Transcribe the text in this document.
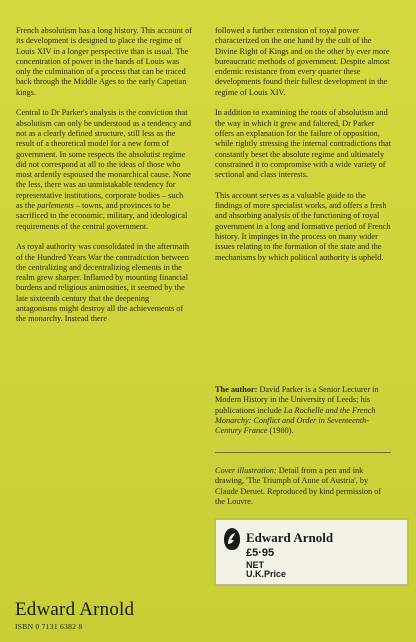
French absolutism has a long history. This account of its development is designed to place the regime of Louis XIV in a longer perspective than is usual. The concentration of power in the hands of Louis was only the culmination of a process that can be traced back through the Middle Ages to the early Capetian kings.

Central to Dr Parker's analysis is the conviction that absolutism can only be understood as a tendency and not as a clearly defined structure, still less as the result of a theoretical model for a new form of government. In some respects the absolutist regime did not correspond at all to the ideas of those who most ardently espoused the monarchical cause. None the less, there was an unmistakable tendency for representative institutions, corporate bodies – such as the parlements – towns, and provinces to be sacrificed to the economic, military, and ideological requirements of the central government.

As royal authority was consolidated in the aftermath of the Hundred Years War the contradiction between the centralizing and decentralizing elements in the realm grew sharper. Inflamed by mounting financial burdens and religious animosities, it seemed by the late sixteenth century that the deepening antagonisms might destroy all the achievements of the monarchy. Instead there

followed a further extension of royal power characterized on the one hand by the cult of the Divine Right of Kings and on the other by ever more bureaucratic methods of government. Despite almost endemic resistance from every quarter these developments found their fullest development in the regime of Louis XIV.

In addition to examining the roots of absolutism and the way in which it grew and faltered, Dr Parker offers an explanation for the failure of opposition, while rightly stressing the internal contradictions that constantly beset the absolute regime and ultimately constrained it to compromise with a wide variety of sectional and class interests.

This account serves as a valuable guide to the findings of more specialist works, and offers a fresh and absorbing analysis of the functioning of royal government in a long and formative period of French history. It impinges in the process on many wider issues relating to the formation of the state and the mechanisms by which political authority is upheld.

The author: David Parker is a Senior Lecturer in Modern History in the University of Leeds; his publications include La Rochelle and the French Monarchy: Conflict and Order in Seventeenth-Century France (1980).
Cover illustration: Detail from a pen and ink drawing, 'The Triumph of Anne of Austria', by Claude Deruet. Reproduced by kind permission of the Louvre.
Edward Arnold
£5·95
NET
U.K.Price
Edward Arnold
ISBN 0 7131 6382 8
